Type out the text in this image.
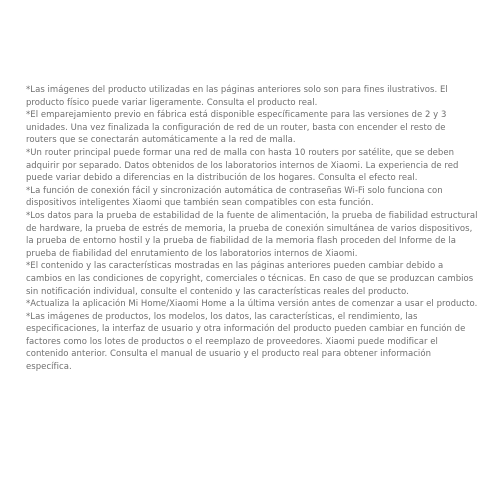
*Las imágenes del producto utilizadas en las páginas anteriores solo son para fines ilustrativos. El producto físico puede variar ligeramente. Consulta el producto real.

*El emparejamiento previo en fábrica está disponible específicamente para las versiones de 2 y 3 unidades. Una vez finalizada la configuración de red de un router, basta con encender el resto de routers que se conectarán automáticamente a la red de malla.

*Un router principal puede formar una red de malla con hasta 10 routers por satélite, que se deben adquirir por separado. Datos obtenidos de los laboratorios internos de Xiaomi. La experiencia de red puede variar debido a diferencias en la distribución de los hogares. Consulta el efecto real.

*La función de conexión fácil y sincronización automática de contraseñas Wi-Fi solo funciona con dispositivos inteligentes Xiaomi que también sean compatibles con esta función.

*Los datos para la prueba de estabilidad de la fuente de alimentación, la prueba de fiabilidad estructural de hardware, la prueba de estrés de memoria, la prueba de conexión simultánea de varios dispositivos, la prueba de entorno hostil y la prueba de fiabilidad de la memoria flash proceden del Informe de la prueba de fiabilidad del enrutamiento de los laboratorios internos de Xiaomi.

*El contenido y las características mostradas en las páginas anteriores pueden cambiar debido a cambios en las condiciones de copyright, comerciales o técnicas. En caso de que se produzcan cambios sin notificación individual, consulte el contenido y las características reales del producto.

*Actualiza la aplicación Mi Home/Xiaomi Home a la última versión antes de comenzar a usar el producto.

*Las imágenes de productos, los modelos, los datos, las características, el rendimiento, las especificaciones, la interfaz de usuario y otra información del producto pueden cambiar en función de factores como los lotes de productos o el reemplazo de proveedores. Xiaomi puede modificar el contenido anterior. Consulta el manual de usuario y el producto real para obtener información específica.
